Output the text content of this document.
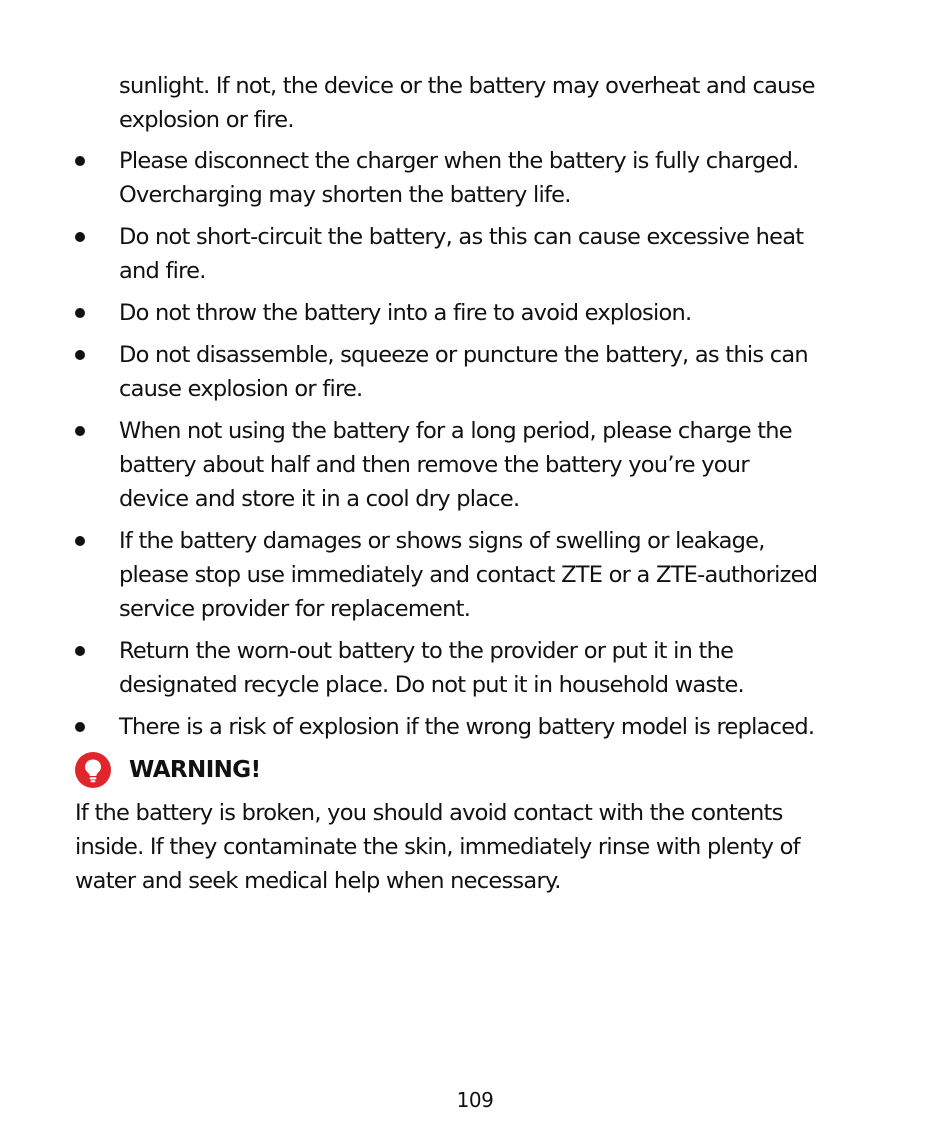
sunlight. If not, the device or the battery may overheat and cause
explosion or fire.
Please disconnect the charger when the battery is fully charged.
Overcharging may shorten the battery life.
Do not short-circuit the battery, as this can cause excessive heat
and fire.
Do not throw the battery into a fire to avoid explosion.
Do not disassemble, squeeze or puncture the battery, as this can
cause explosion or fire.
When not using the battery for a long period, please charge the
battery about half and then remove the battery you’re your
device and store it in a cool dry place.
If the battery damages or shows signs of swelling or leakage,
please stop use immediately and contact ZTE or a ZTE-authorized
service provider for replacement.
Return the worn-out battery to the provider or put it in the
designated recycle place. Do not put it in household waste.
There is a risk of explosion if the wrong battery model is replaced.
WARNING!
If the battery is broken, you should avoid contact with the contents
inside. If they contaminate the skin, immediately rinse with plenty of
water and seek medical help when necessary.
109
